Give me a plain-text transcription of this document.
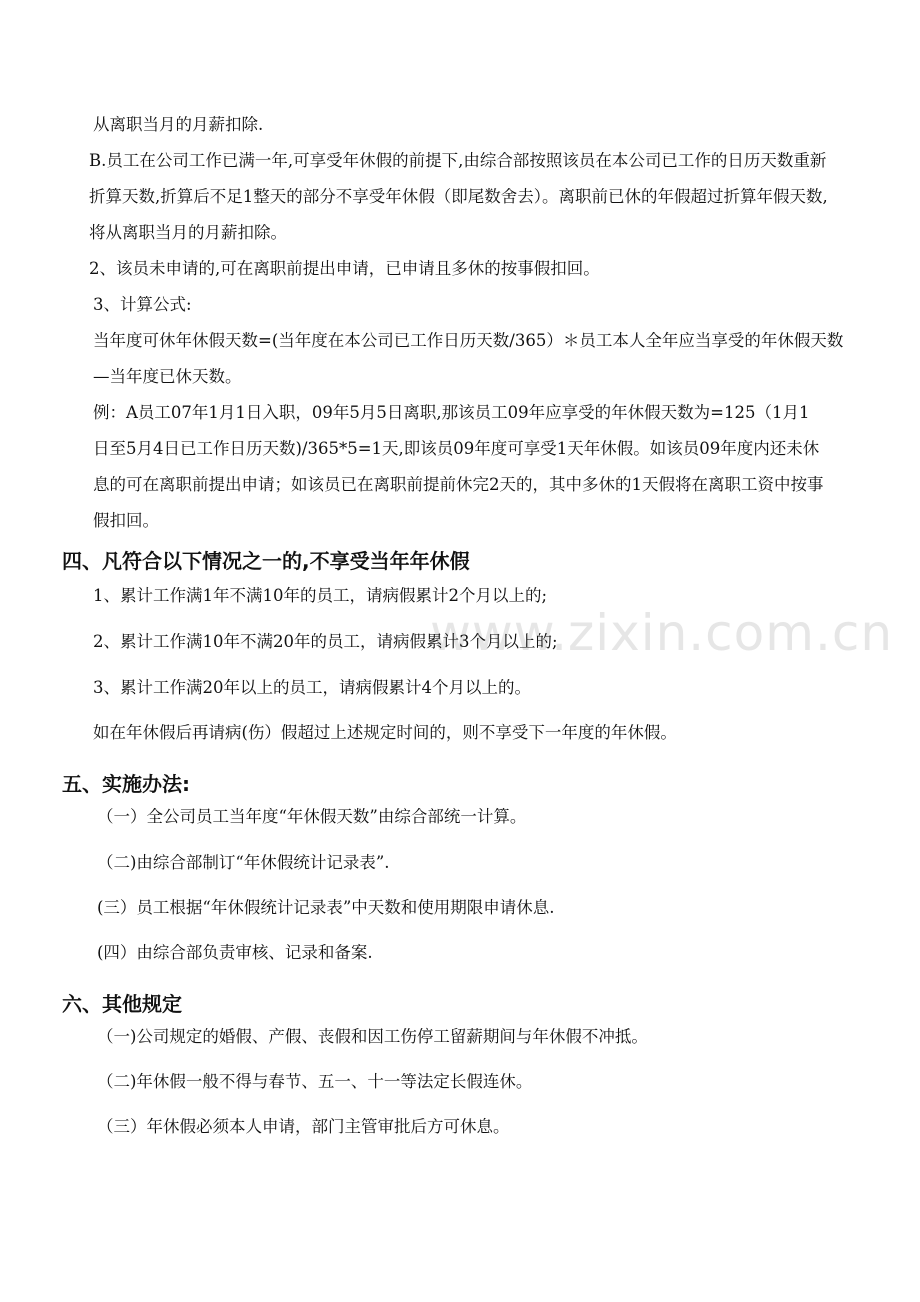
www.zixin.com.cn

从离职当月的月薪扣除.

B.员工在公司工作已满一年,可享受年休假的前提下,由综合部按照该员在本公司已工作的日历天数重新

折算天数,折算后不足1整天的部分不享受年休假（即尾数舍去）。离职前已休的年假超过折算年假天数,

将从离职当月的月薪扣除。

2、该员未申请的,可在离职前提出申请，已申请且多休的按事假扣回。

3、计算公式:

当年度可休年休假天数=(当年度在本公司已工作日历天数/365）＊员工本人全年应当享受的年休假天数

—当年度已休天数。

例：A员工07年1月1日入职，09年5月5日离职,那该员工09年应享受的年休假天数为=125（1月1

日至5月4日已工作日历天数)/365*5=1天,即该员09年度可享受1天年休假。如该员09年度内还未休

息的可在离职前提出申请；如该员已在离职前提前休完2天的，其中多休的1天假将在离职工资中按事

假扣回。

四、凡符合以下情况之一的,不享受当年年休假

1、累计工作满1年不满10年的员工，请病假累计2个月以上的;

2、累计工作满10年不满20年的员工，请病假累计3个月以上的;

3、累计工作满20年以上的员工，请病假累计4个月以上的。

如在年休假后再请病(伤）假超过上述规定时间的，则不享受下一年度的年休假。

五、实施办法:

（一）全公司员工当年度“年休假天数”由综合部统一计算。

（二)由综合部制订“年休假统计记录表”.

(三）员工根据“年休假统计记录表”中天数和使用期限申请休息.

(四）由综合部负责审核、记录和备案.

六、其他规定

（一)公司规定的婚假、产假、丧假和因工伤停工留薪期间与年休假不冲抵。

（二)年休假一般不得与春节、五一、十一等法定长假连休。

（三）年休假必须本人申请，部门主管审批后方可休息。
